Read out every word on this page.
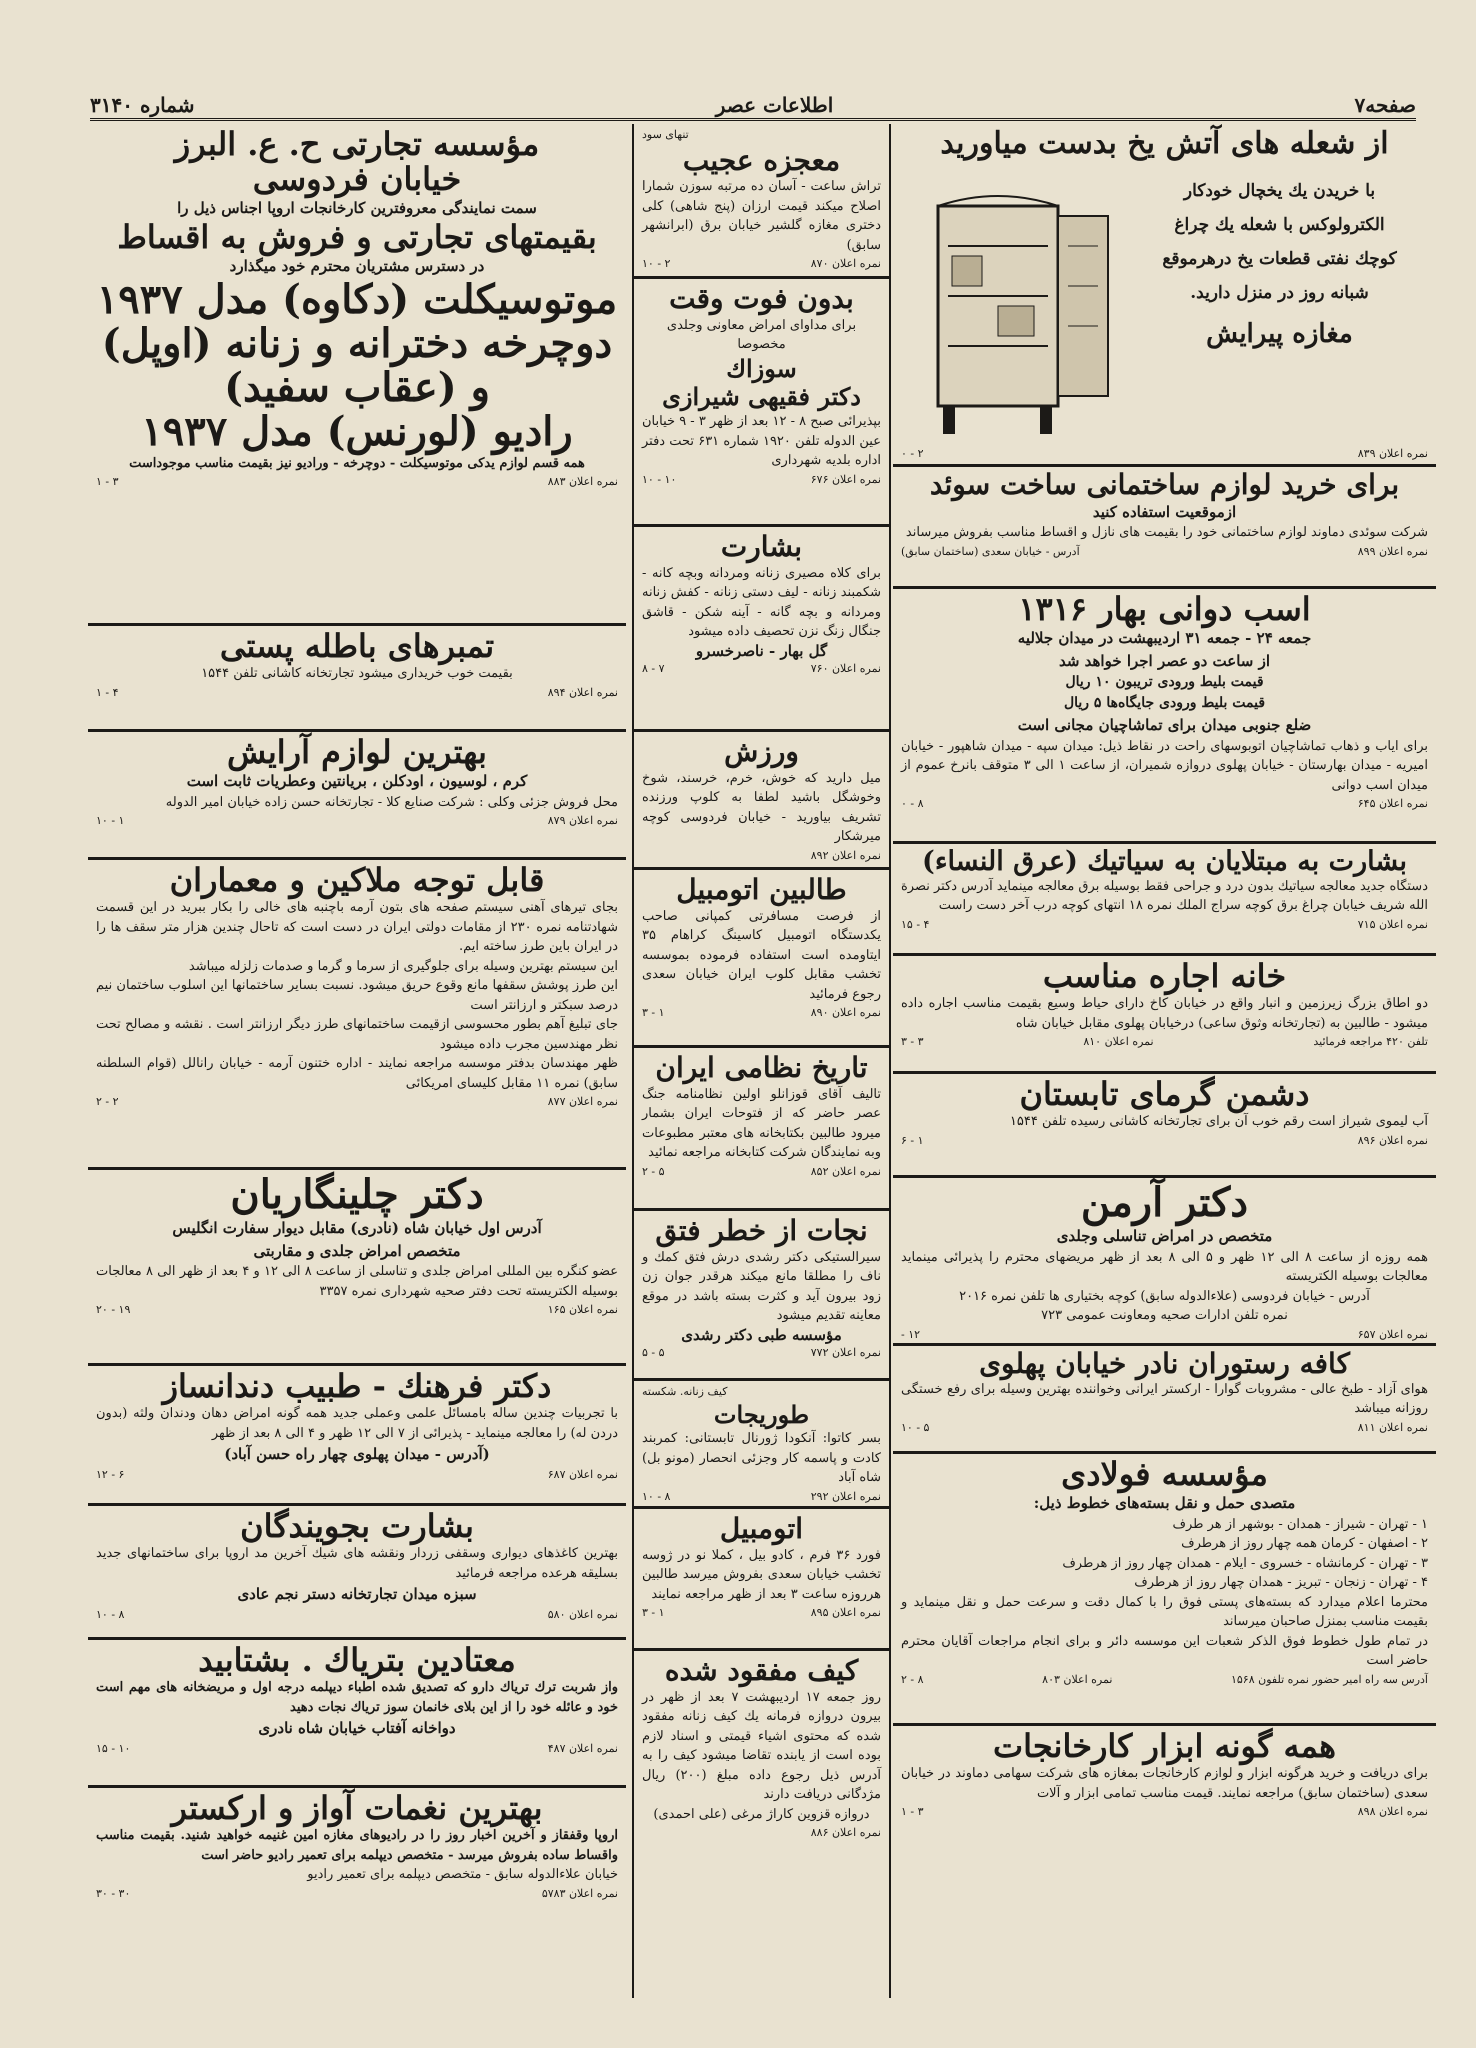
صفحه۷
اطلاعات عصر
شماره ۳۱۴۰
از شعله های آتش یخ بدست میاورید
با خریدن یك یخچال خودكار
الكترولوكس با شعله یك چراغ
كوچك نفتی قطعات یخ درهرموقع
شبانه روز در منزل دارید.
مغازه پیرایش
نمره اعلان ۸۳۹
۲ - ۰
برای خرید لوازم ساختمانی ساخت سوئد
ازموقعیت استفاده كنید
شركت سوئدی دماوند لوازم ساختمانی خود را بقیمت های نازل و اقساط مناسب بفروش میرساند
نمره اعلان ۸۹۹
آدرس - خیابان سعدی (ساختمان سابق)
اسب دوانی بهار ۱۳۱۶
جمعه ۲۴ - جمعه ۳۱ اردیبهشت در میدان جلالیه
از ساعت دو عصر اجرا خواهد شد
قیمت بلیط ورودی تریبون ۱۰ ریال
قیمت بلیط ورودی جایگاه‌ها ۵ ریال
ضلع جنوبی میدان برای تماشاچیان مجانی است
برای ایاب و ذهاب تماشاچیان اتوبوسهای راحت در نقاط ذیل: میدان سپه - میدان شاهپور - خیابان امیریه - میدان بهارستان - خیابان پهلوی دروازه شمیران، از ساعت ۱ الی ۳ متوقف بانرخ عموم از میدان اسب دوانی
نمره اعلان ۶۴۵
۸ - ۰
بشارت به مبتلایان به سیاتیك (عرق النساء)
دستگاه جدید معالجه سیاتیك بدون درد و جراحی فقط بوسیله برق معالجه مینماید آدرس دكتر نصرة الله شریف خیابان چراغ برق كوچه سراج الملك نمره ۱۸ انتهای كوچه درب آخر دست راست
نمره اعلان ۷۱۵
۴ - ۱۵
خانه اجاره مناسب
دو اطاق بزرگ زیرزمین و انبار واقع در خیابان كاخ دارای حیاط وسیع بقیمت مناسب اجاره داده میشود - طالبین به (تجارتخانه وثوق ساعی) درخیابان پهلوی مقابل خیابان شاه
تلفن ۴۲۰ مراجعه فرمائید
نمره اعلان ۸۱۰
۳ - ۳
دشمن گرمای تابستان
آب لیموی شیراز است رقم خوب آن برای تجارتخانه كاشانی رسیده تلفن ۱۵۴۴
نمره اعلان ۸۹۶
۱ - ۶
دكتر آرمن
متخصص در امراض تناسلی وجلدی
همه روزه از ساعت ۸ الی ۱۲ ظهر و ۵ الی ۸ بعد از ظهر مریضهای محترم را پذیرائی مینماید معالجات بوسیله الكتریسته
آدرس - خیابان فردوسی (علاءالدوله سابق) كوچه بختیاری ها تلفن نمره ۲۰۱۶
نمره تلفن ادارات صحیه ومعاونت عمومی ۷۲۳
نمره اعلان ۶۵۷
۱۲ -
كافه رستوران نادر خیابان پهلوی
هوای آزاد - طبخ عالی - مشروبات گوارا - اركستر ایرانی وخواننده بهترین وسیله برای رفع خستگی روزانه میباشد
نمره اعلان ۸۱۱
۵ - ۱۰
مؤسسه فولادی
متصدی حمل و نقل بسته‌های خطوط ذیل:
۱ - تهران - شیراز - همدان - بوشهر از هر طرف
۲ - اصفهان - كرمان همه چهار روز از هرطرف
۳ - تهران - كرمانشاه - خسروی - ایلام - همدان چهار روز از هرطرف
۴ - تهران - زنجان - تبریز - همدان چهار روز از هرطرف
محترما اعلام میدارد كه بسته‌های پستی فوق را با كمال دقت و سرعت حمل و نقل مینماید و بقیمت مناسب بمنزل صاحبان میرساند
در تمام طول خطوط فوق الذكر شعبات این موسسه دائر و برای انجام مراجعات آقایان محترم حاضر است
آدرس سه راه امیر حضور نمره تلفون ۱۵۶۸
نمره اعلان ۸۰۳
۸ - ۲
همه گونه ابزار كارخانجات
برای دریافت و خرید هرگونه ابزار و لوازم كارخانجات بمغازه های شركت سهامی دماوند در خیابان سعدی (ساختمان سابق) مراجعه نمایند. قیمت مناسب تمامی ابزار و آلات
نمره اعلان ۸۹۸
۳ - ۱
تنهای سود
معجزه عجیب
تراش ساعت - آسان ده مرتبه سوزن شمارا اصلاح میكند قیمت ارزان (پنج شاهی) كلی دختری مغازه گلشیر خیابان برق (ابرانشهر سابق)
نمره اعلان ۸۷۰
۲ - ۱۰
بدون فوت وقت
برای مداوای امراض معاونی وجلدی مخصوصا
سوزاك
دكتر فقیهی شیرازی
بپذیرائی صبح ۸ - ۱۲ بعد از ظهر ۳ - ۹ خیابان عین الدوله تلفن ۱۹۲۰ شماره ۶۳۱ تحت دفتر اداره بلدیه شهرداری
نمره اعلان ۶۷۶
۱۰ - ۱۰
بشارت
برای كلاه مصیری زنانه ومردانه وبچه كانه - شكمبند زنانه - لیف دستی زنانه - كفش زنانه ومردانه و بچه گانه - آینه شكن - قاشق جنگال زنگ نزن تحصیف داده میشود
گل بهار - ناصرخسرو
نمره اعلان ۷۶۰
۷ - ۸
ورزش
میل دارید كه خوش، خرم، خرسند، شوخ وخوشگل باشید لطفا به كلوپ ورزنده تشریف بیاورید - خیابان فردوسی كوچه میرشكار
نمره اعلان ۸۹۲
طالبین اتومبیل
از فرصت مسافرتی كمپانی صاحب یكدستگاه اتومبیل كاسینگ كراهام ۳۵ ایتاومده است استفاده فرموده بموسسه تخشب مقابل كلوب ایران خیابان سعدی رجوع فرمائید
نمره اعلان ۸۹۰
۱ - ۳
تاریخ نظامی ایران
تالیف آقای قوزانلو اولین نظامنامه جنگ عصر حاضر كه از فتوحات ایران بشمار میرود طالبین بكتابخانه های معتبر مطبوعات وبه نمایندگان شركت كتابخانه مراجعه نمائید
نمره اعلان ۸۵۲
۵ - ۲
نجات از خطر فتق
سیرالستیكی دكتر رشدی درش فتق كمك و ناف را مطلقا مانع میكند هرقدر جوان زن زود بیرون آید و كثرت بسته باشد در موقع معاینه تقدیم میشود
مؤسسه طبی دكتر رشدی
نمره اعلان ۷۷۲
۵ - ۵
كیف زنانه. شكسته
طوریجات
بسر كاتوا: آنكودا ژورنال تابستانی: كمربند كادت و پاسمه كار وجزئی انحصار (مونو بل) شاه آباد
نمره اعلان ۲۹۲
۸ - ۱۰
اتومبیل
فورد ۳۶ فرم ، كادو بیل ، كملا نو در ژوسه تخشب خیابان سعدی بفروش میرسد طالبین هرروزه ساعت ۳ بعد از ظهر مراجعه نمایند
نمره اعلان ۸۹۵
۱ - ۳
كیف مفقود شده
روز جمعه ۱۷ اردیبهشت ۷ بعد از ظهر در بیرون دروازه فرمانه یك كیف زنانه مفقود شده كه محتوی اشیاء قیمتی و اسناد لازم بوده است از یابنده تقاضا میشود كیف را به آدرس ذیل رجوع داده مبلغ (۲۰۰) ریال مژدگانی دریافت دارند
دروازه قزوین كاراژ مرغی (علی احمدی)
نمره اعلان ۸۸۶
مؤسسه تجارتی ح. ع. البرز
خیابان فردوسی
سمت نمایندگی معروفترین كارخانجات اروپا اجناس ذیل را
بقیمتهای تجارتی و فروش به اقساط
در دسترس مشتریان محترم خود میگذارد
موتوسیكلت (دكاوه) مدل ۱۹۳۷
دوچرخه دخترانه و زنانه (اوپل)
و (عقاب سفید)
رادیو (لورنس) مدل ۱۹۳۷
همه قسم لوازم یدكی موتوسیكلت - دوچرخه - ورادیو نیز بقیمت مناسب موجوداست
نمره اعلان ۸۸۳
۳ - ۱
تمبرهای باطله پستی
بقیمت خوب خریداری میشود تجارتخانه كاشانی تلفن ۱۵۴۴
نمره اعلان ۸۹۴
۴ - ۱
بهترین لوازم آرایش
كرم ، لوسیون ، اودكلن ، بریانتین وعطریات ثابت است
محل فروش جزئی وكلی : شركت صنایع كلا - تجارتخانه حسن زاده خیابان امیر الدوله
نمره اعلان ۸۷۹
۱ - ۱۰
قابل توجه ملاكین و معماران
بجای تیرهای آهنی سیستم صفحه های بتون آرمه باچنبه های خالی را بكار ببرید در این قسمت شهادتنامه نمره ۲۳۰ از مقامات دولتی ایران در دست است كه تاحال چندین هزار متر سقف ها را در ایران باین طرز ساخته ایم.
این سیستم بهترین وسیله برای جلوگیری از سرما و گرما و صدمات زلزله میباشد
این طرز پوشش سقفها مانع وقوع حریق میشود. نسبت بسایر ساختمانها این اسلوب ساختمان نیم درصد سبكتر و ارزانتر است
جای تبلیغ آهم بطور محسوسی ازقیمت ساختمانهای طرز دیگر ارزانتر است . نقشه و مصالح تحت نظر مهندسین مجرب داده میشود
ظهر مهندسان بدفتر موسسه مراجعه نمایند - اداره ختنون آرمه - خیابان رانالل (قوام السلطنه سابق) نمره ۱۱ مقابل كلیسای امریكائی
نمره اعلان ۸۷۷
۲ - ۲
دكتر چلینگاریان
آدرس اول خیابان شاه (نادری) مقابل دیوار سفارت انگلیس
متخصص امراض جلدی و مقاربتی
عضو كنگره بین المللی امراض جلدی و تناسلی از ساعت ۸ الی ۱۲ و ۴ بعد از ظهر الی ۸ معالجات بوسیله الكتریسته تحت دفتر صحیه شهرداری نمره ۳۳۵۷
نمره اعلان ۱۶۵
۱۹ - ۲۰
دكتر فرهنك - طبیب دندانساز
با تجربیات چندین ساله بامسائل علمی وعملی جدید همه گونه امراض دهان ودندان ولثه (بدون دردن له) را معالجه مینماید - پذیرائی از ۷ الی ۱۲ ظهر و ۴ الی ۸ بعد از ظهر
(آدرس - میدان پهلوی چهار راه حسن آباد)
نمره اعلان ۶۸۷
۶ - ۱۲
بشارت بجویندگان
بهترین كاغذهای دیواری وسقفی زردار ونقشه های شیك آخرین مد اروپا برای ساختمانهای جدید بسلیقه هرعده مراجعه فرمائید
سبزه میدان تجارتخانه دستر نجم عادی
نمره اعلان ۵۸۰
۸ - ۱۰
معتادین بتریاك . بشتابید
واز شربت ترك تریاك دارو كه تصدیق شده اطباء دیپلمه درجه اول و مریضخانه های مهم است خود و عائله خود را از این بلای خانمان سوز تریاك نجات دهید
دواخانه آفتاب خیابان شاه نادری
نمره اعلان ۴۸۷
۱۰ - ۱۵
بهترین نغمات آواز و اركستر
اروپا وقفقاز و آخرین اخبار روز را در رادیوهای مغازه امین غنیمه خواهید شنید. بقیمت مناسب واقساط ساده بفروش میرسد - متخصص دیپلمه برای تعمیر رادیو حاضر است
خیابان علاءالدوله سابق - متخصص دیپلمه برای تعمیر رادیو
نمره اعلان ۵۷۸۳
۳۰ - ۳۰
